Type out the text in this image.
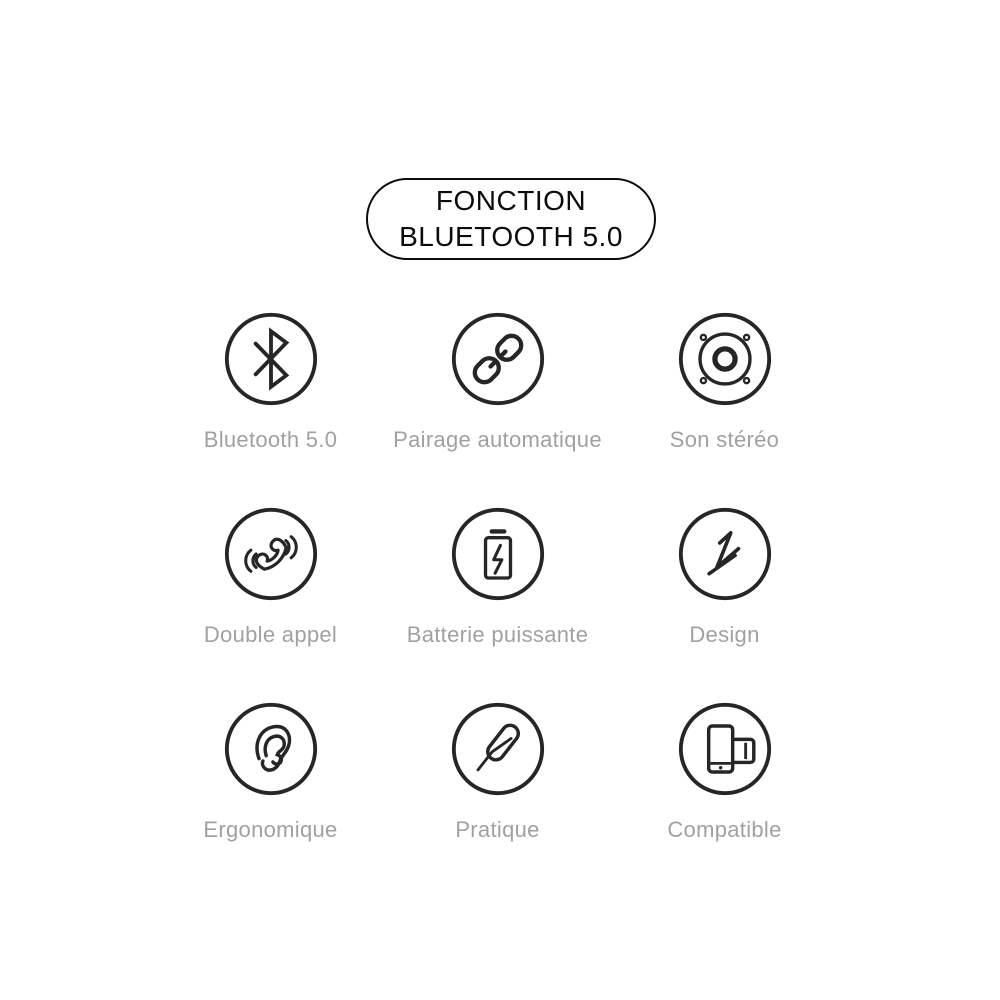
FONCTION
BLUETOOTH 5.0
Bluetooth 5.0	Pairage automatique	Son stéréo
Double appel	Batterie puissante	Design
Ergonomique	Pratique	Compatible
